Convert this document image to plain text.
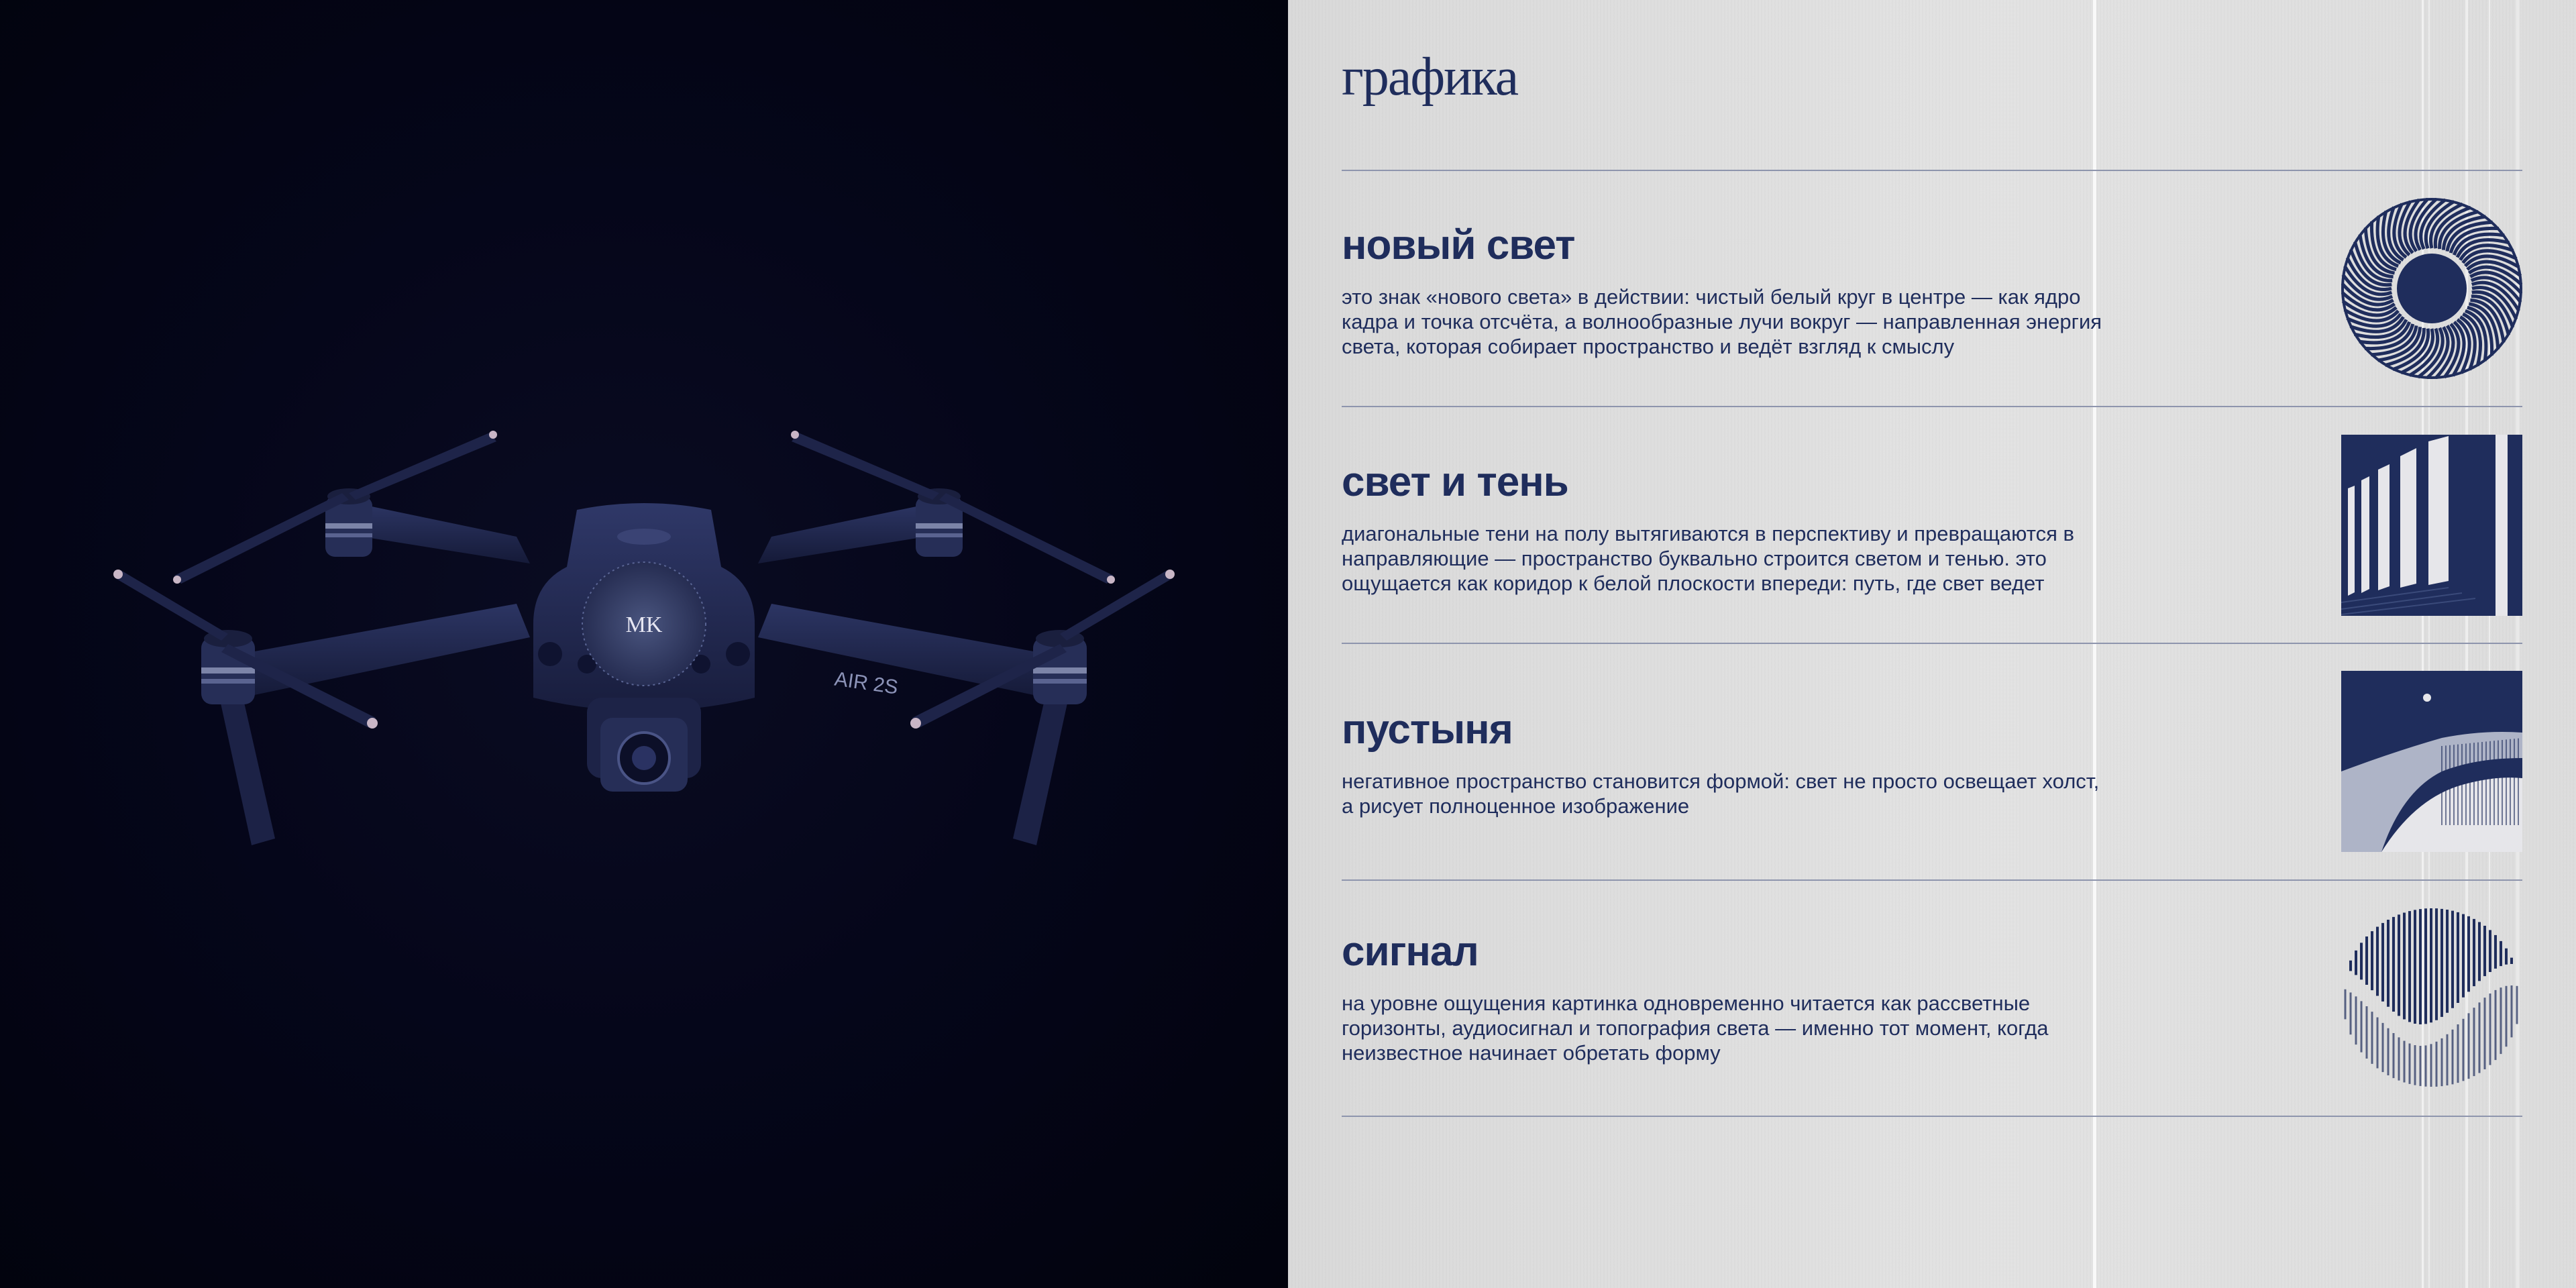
MK
AIR 2S
графика
новый свет
это знак «нового света» в действии: чистый белый круг в центре — как ядро кадра и точка отсчёта, а волнообразные лучи вокруг — направленная энергия света, которая собирает пространство и ведёт взгляд к смыслу
свет и тень
диагональные тени на полу вытягиваются в перспективу и превращаются в направляющие — пространство буквально строится светом и тенью. это ощущается как коридор к белой плоскости впереди: путь, где свет ведет
пустыня
негативное пространство становится формой: свет не просто освещает холст, а рисует полноценное изображение
сигнал
на уровне ощущения картинка одновременно читается как рассветные горизонты, аудиосигнал и топография света — именно тот момент, когда неизвестное начинает обретать форму
